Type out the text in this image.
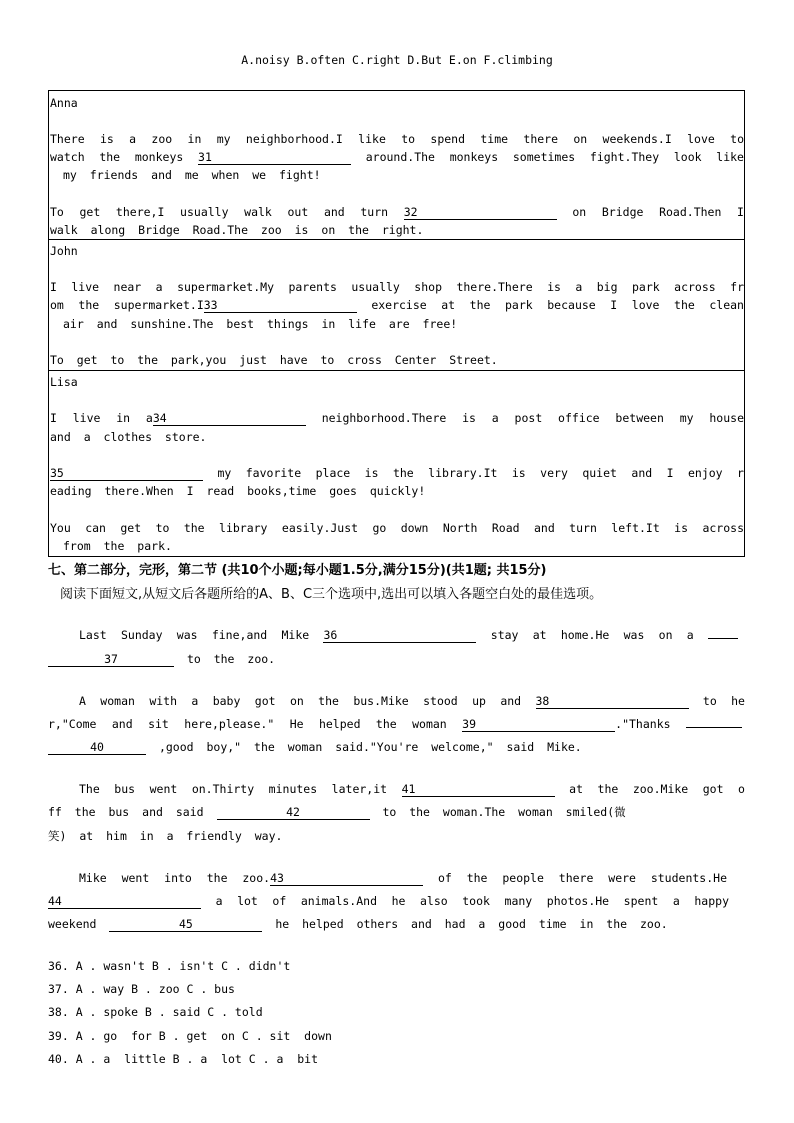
A.noisy B.often C.right D.But E.on F.climbing
Anna
There is a zoo in my neighborhood.I like to spend time there on weekends.I love to
watch the monkeys 31	around.The monkeys sometimes fight.They look like
my friends and me when we fight!
To get there,I usually walk out and turn 32	on Bridge Road.Then I
walk along Bridge Road.The zoo is on the right.
John
I live near a supermarket.My parents usually shop there.There is a big park across fr
om the supermarket.I33	exercise at the park because I love the clean
air and sunshine.The best things in life are free!
To get to the park,you just have to cross Center Street.
Lisa
I live in a34	neighborhood.There is a post office between my house
and a clothes store.
35	my favorite place is the library.It is very quiet and I enjoy r
eading there.When I read books,time goes quickly!
You can get to the library easily.Just go down North Road and turn left.It is across
from the park.
七、第二部分，完形，第二节 (共10个小题;每小题1.5分,满分15分)(共1题; 共15分)
阅读下面短文,从短文后各题所给的A、B、C三个选项中,选出可以填入各题空白处的最佳选项。
Last Sunday was fine,and Mike 36	stay at home.He was on a
37	to the zoo.
A woman with a baby got on the bus.Mike stood up and 38	to he
r,"Come and sit here,please." He helped the woman 39	."Thanks
40	,good boy," the woman said."You're welcome," said Mike.
The bus went on.Thirty minutes later,it 41	at the zoo.Mike got o
ff the bus and said	42	to the woman.The woman smiled(微
笑) at him in a friendly way.
Mike went into the zoo.43	of the people there were students.He
44	a lot of animals.And he also took many photos.He spent a happy
weekend	45	he helped others and had a good time in the zoo.
36. A . wasn't B . isn't C . didn't
37. A . way B . zoo C . bus
38. A . spoke B . said C . told
39. A . go  for B . get  on C . sit  down
40. A . a  little B . a  lot C . a  bit
